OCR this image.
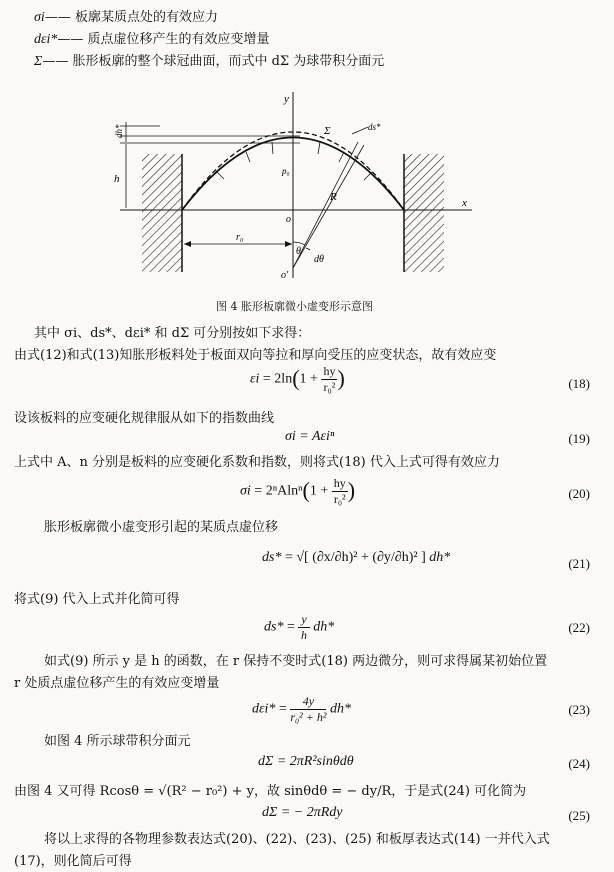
σi—— 板廓某质点处的有效应力
dεi*—— 质点虚位移产生的有效应变增量
Σ—— 胀形板廓的整个球冠曲面，而式中 dΣ 为球带积分面元
x
y
dh*
h
p₀
Σ	ds*
R
θ
dθ
o
o'
r₀
图 4 胀形板廓微小虚变形示意图
其中 σi、ds*、dεi* 和 dΣ 可分别按如下求得：
由式(12)和式(13)知胀形板料处于板面双向等拉和厚向受压的应变状态，故有效应变
$\varepsilon i = 2\ln(1 + \frac{hy}{\text{r₀²}}$ )	(18)
设该板料的应变硬化规律服从如下的指数曲线
σi = Aεiⁿ	(19)
上式中 A、n 分别是板料的应变硬化系数和指数，则将式(18) 代入上式可得有效应力
$\sigma i = 2^nAln^n(1 + \frac{hy}{\text{r₀²}}$ )	(20)
胀形板廓微小虚变形引起的某质点虚位移
ds* = √[ (∂x/∂h)² + (∂y/∂h)² ] dh*	(21)
将式(9) 代入上式并化简可得
$ds* = \frac{y}{h} dh*$	(22)
如式(9) 所示 y 是 h 的函数，在 r 保持不变时式(18) 两边微分，则可求得属某初始位置
r 处质点虚位移产生的有效应变增量
$d\varepsilon i* = \frac{4y}{\text{r₀² + h²}} dh*$	(23)
如图 4 所示球带积分面元
dΣ = 2πR²sinθdθ	(24)
由图 4 又可得 Rcosθ = √(R² − r₀²) + y，故 sinθdθ = − dy/R，于是式(24) 可化简为
dΣ = − 2πRdy	(25)
将以上求得的各物理参数表达式(20)、(22)、(23)、(25) 和板厚表达式(14) 一并代入式
(17)，则化简后可得
